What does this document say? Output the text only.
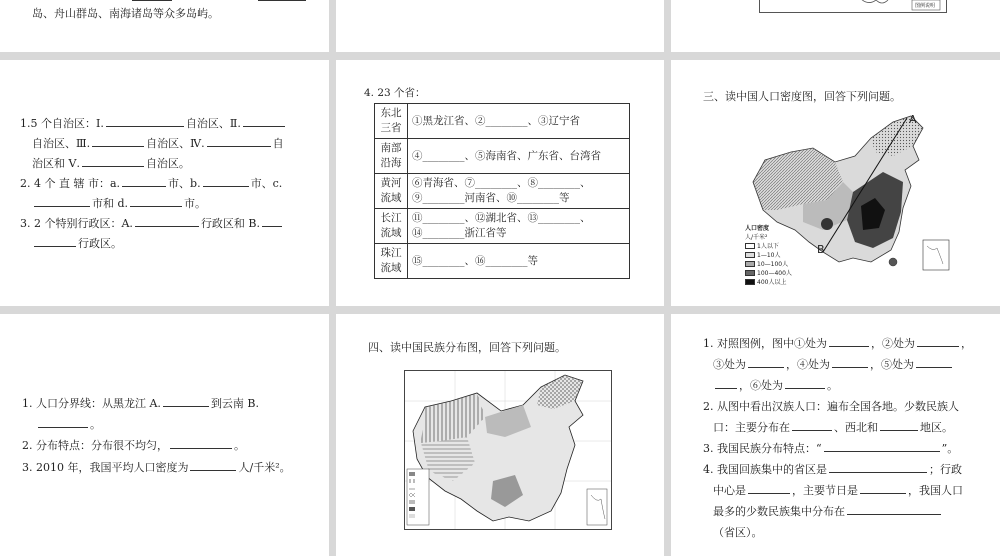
岛、舟山群岛、南海诸岛等众多岛屿。
图例说明
1.5 个自治区：Ⅰ.	自治区、Ⅱ.
自治区、Ⅲ.	自治区、Ⅳ.	自
治区和 Ⅴ.	自治区。
2. 4 个 直 辖 市：a.	市、b.	市、c.
市和 d.	市。
3. 2 个特别行政区：A.	行政区和 B.
行政区。
4. 23 个省：
东北三省	①黑龙江省、②________、③辽宁省
南部沿海	④________、⑤海南省、广东省、台湾省
黄河流域	⑥青海省、⑦________、⑧________、⑨________河南省、⑩________等
长江流域	⑪________、⑫湖北省、⑬________、⑭________浙江省等
珠江流域	⑮________、⑯________等
三、读中国人口密度图，回答下列问题。
A
B
人口密度
人/千米²
1人以下
1—10人
10—100人
100—400人
400人以上
1. 人口分界线：从黑龙江 A.	到云南 B.
。
2. 分布特点：分布很不均匀，	。
3. 2010 年，我国平均人口密度为	人/千米²。
四、读中国民族分布图，回答下列问题。	1. 对照图例，图中①处为	，②处为	，
③处为	，④处为	，⑤处为
，⑥处为	。
2. 从图中看出汉族人口：遍布全国各地。少数民族人
口：主要分布在	、西北和	地区。
3. 我国民族分布特点：“	”。
4. 我国回族集中的省区是	；行政
中心是	，主要节日是	，我国人口
最多的少数民族集中分布在
（省区）。
